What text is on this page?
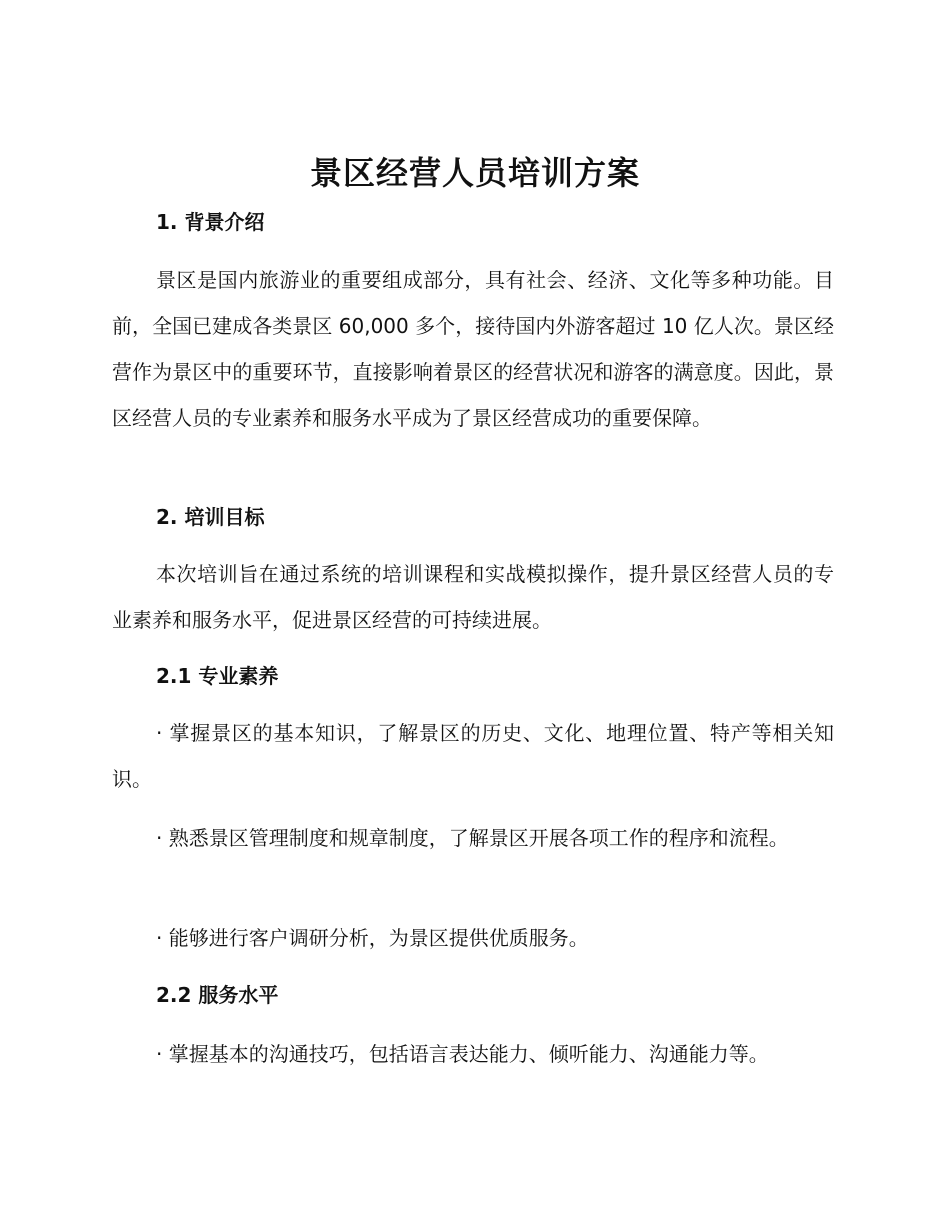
景区经营人员培训方案
1. 背景介绍

景区是国内旅游业的重要组成部分，具有社会、经济、文化等多种功能。目前，全国已建成各类景区 60,000 多个，接待国内外游客超过 10 亿人次。景区经营作为景区中的重要环节，直接影响着景区的经营状况和游客的满意度。因此，景区经营人员的专业素养和服务水平成为了景区经营成功的重要保障。

2. 培训目标

本次培训旨在通过系统的培训课程和实战模拟操作，提升景区经营人员的专业素养和服务水平，促进景区经营的可持续进展。

2.1 专业素养

· 掌握景区的基本知识，了解景区的历史、文化、地理位置、特产等相关知识。

· 熟悉景区管理制度和规章制度，了解景区开展各项工作的程序和流程。

· 能够进行客户调研分析，为景区提供优质服务。

2.2 服务水平

· 掌握基本的沟通技巧，包括语言表达能力、倾听能力、沟通能力等。
